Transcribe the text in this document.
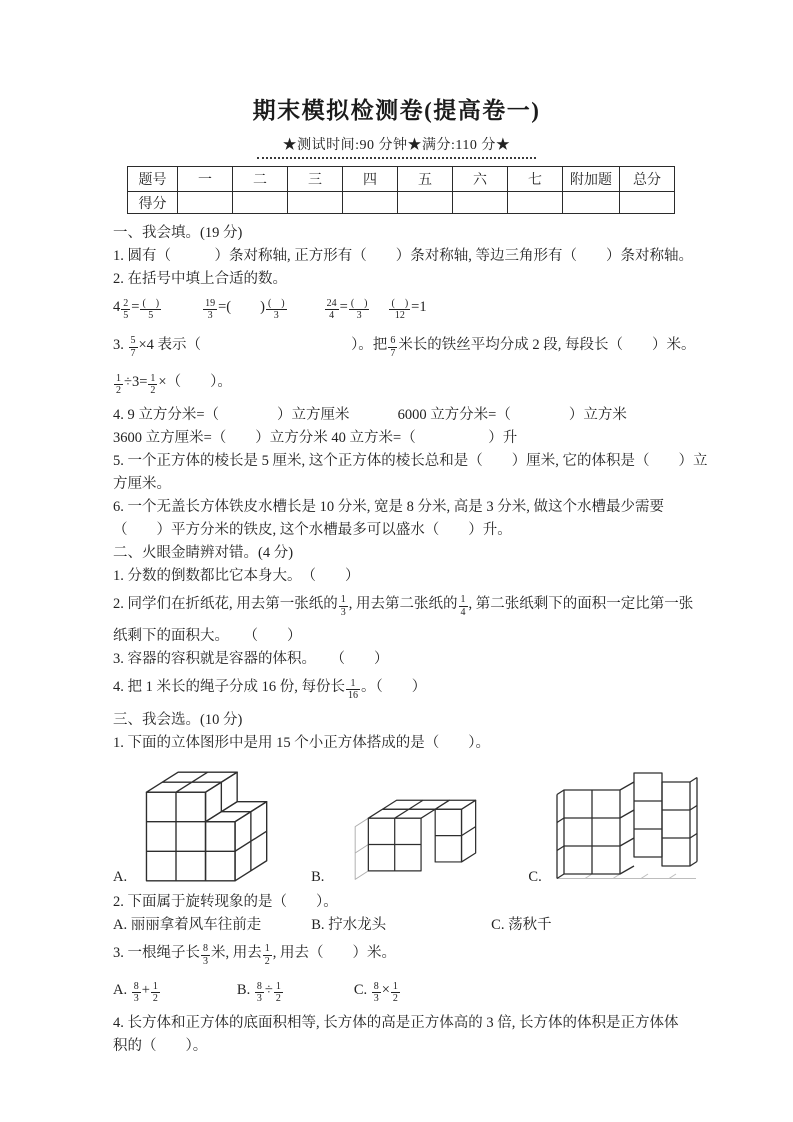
期末模拟检测卷(提高卷一)
★测试时间:90 分钟★满分:110 分★
题号	一	二	三	四	五	六	七	附加题	总分
得分									
一、我会填。(19 分)
1. 圆有（　　　）条对称轴, 正方形有（　　）条对称轴, 等边三角形有（　　）条对称轴。
2. 在括号中填上合适的数。
$4 \frac{2}{5}$ = (　)
5	$\frac{19}{3}$ =(　　) (　)
3	$\frac{24}{4}$ = (　)
3
(　)
12
=1
3. $\frac{5}{7} \times 4$ 表示（	）。把 $\frac{6}{7}$ 米长的铁丝平均分成 2 段, 每段长（　　）米。
$\frac{1}{2} \div 3= \frac{1}{2}$ ×（　　）。
4. 9 立方分米=（　　　　）立方厘米	6000 立方分米=（　　　　）立方米
3600 立方厘米=（　　）立方分米 40 立方米=（　　　　　）升
5. 一个正方体的棱长是 5 厘米, 这个正方体的棱长总和是（　　）厘米, 它的体积是（　　）立
方厘米。
6. 一个无盖长方体铁皮水槽长是 10 分米, 宽是 8 分米, 高是 3 分米, 做这个水槽最少需要
（　　）平方分米的铁皮, 这个水槽最多可以盛水（　　）升。
二、火眼金睛辨对错。(4 分)
1. 分数的倒数都比它本身大。　（　　）
2. 同学们在折纸花, 用去第一张纸的 $\frac{1}{3}$ , 用去第二张纸的 $\frac{1}{4}$ , 第二张纸剩下的面积一定比第一张
纸剩下的面积大。　　（　　）
3. 容器的容积就是容器的体积。　　（　　）
4. 把 1 米长的绳子分成 16 份, 每份长 $\frac{1}{16}$ 。（　　）
三、我会选。(10 分)
1. 下面的立体图形中是用 15 个小正方体搭成的是（　　）。
A.	B.	C.
2. 下面属于旋转现象的是（　　）。
A. 丽丽拿着风车往前走	B. 拧水龙头	C. 荡秋千
3. 一根绳子长 $\frac{8}{3}$ 米, 用去 $\frac{1}{2}$ , 用去（　　）米。
A. $\frac{8}{3} + \frac{1}{2}$	B. $\frac{8}{3} \div \frac{1}{2}$	C. $\frac{8}{3} \times \frac{1}{2}$
4. 长方体和正方体的底面积相等, 长方体的高是正方体高的 3 倍, 长方体的体积是正方体体
积的（　　）。
